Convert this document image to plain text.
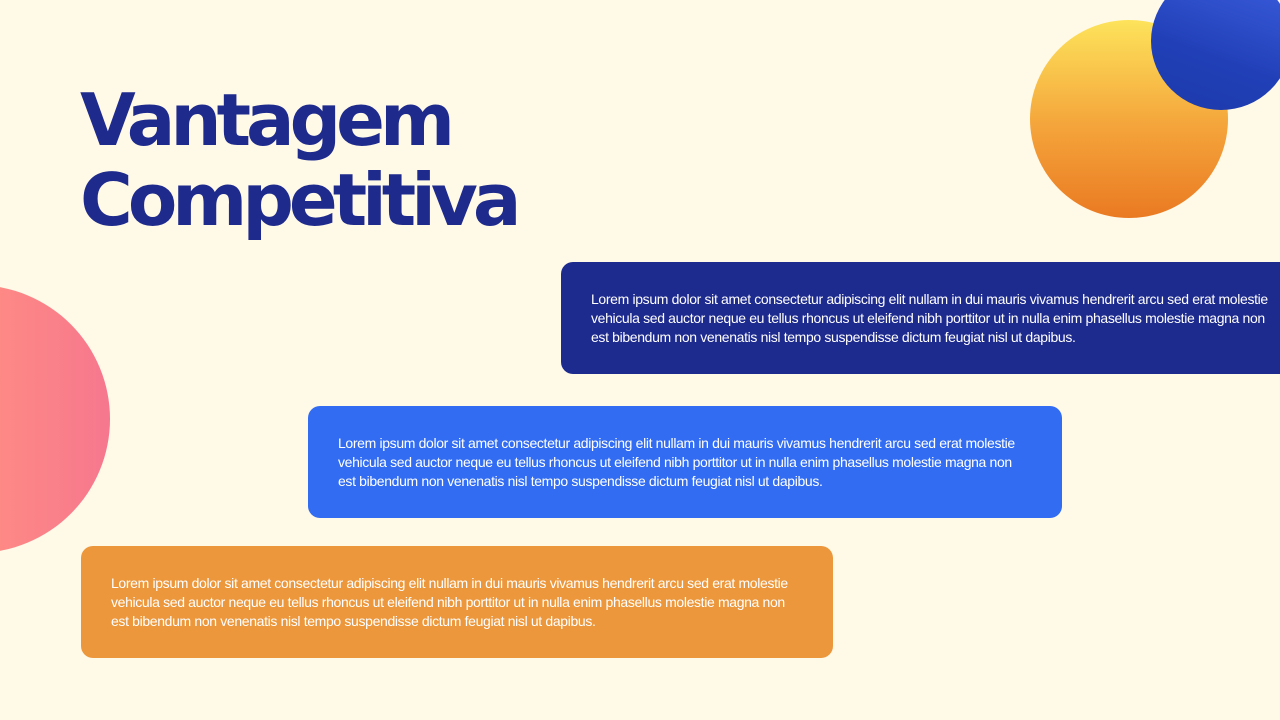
Vantagem
Competitiva

Lorem ipsum dolor sit amet consectetur adipiscing elit nullam in dui mauris vivamus hendrerit arcu sed erat molestie vehicula sed auctor neque eu tellus rhoncus ut eleifend nibh porttitor ut in nulla enim phasellus molestie magna non est bibendum non venenatis nisl tempo suspendisse dictum feugiat nisl ut dapibus.

Lorem ipsum dolor sit amet consectetur adipiscing elit nullam in dui mauris vivamus hendrerit arcu sed erat molestie vehicula sed auctor neque eu tellus rhoncus ut eleifend nibh porttitor ut in nulla enim phasellus molestie magna non est bibendum non venenatis nisl tempo suspendisse dictum feugiat nisl ut dapibus.

Lorem ipsum dolor sit amet consectetur adipiscing elit nullam in dui mauris vivamus hendrerit arcu sed erat molestie vehicula sed auctor neque eu tellus rhoncus ut eleifend nibh porttitor ut in nulla enim phasellus molestie magna non est bibendum non venenatis nisl tempo suspendisse dictum feugiat nisl ut dapibus.
